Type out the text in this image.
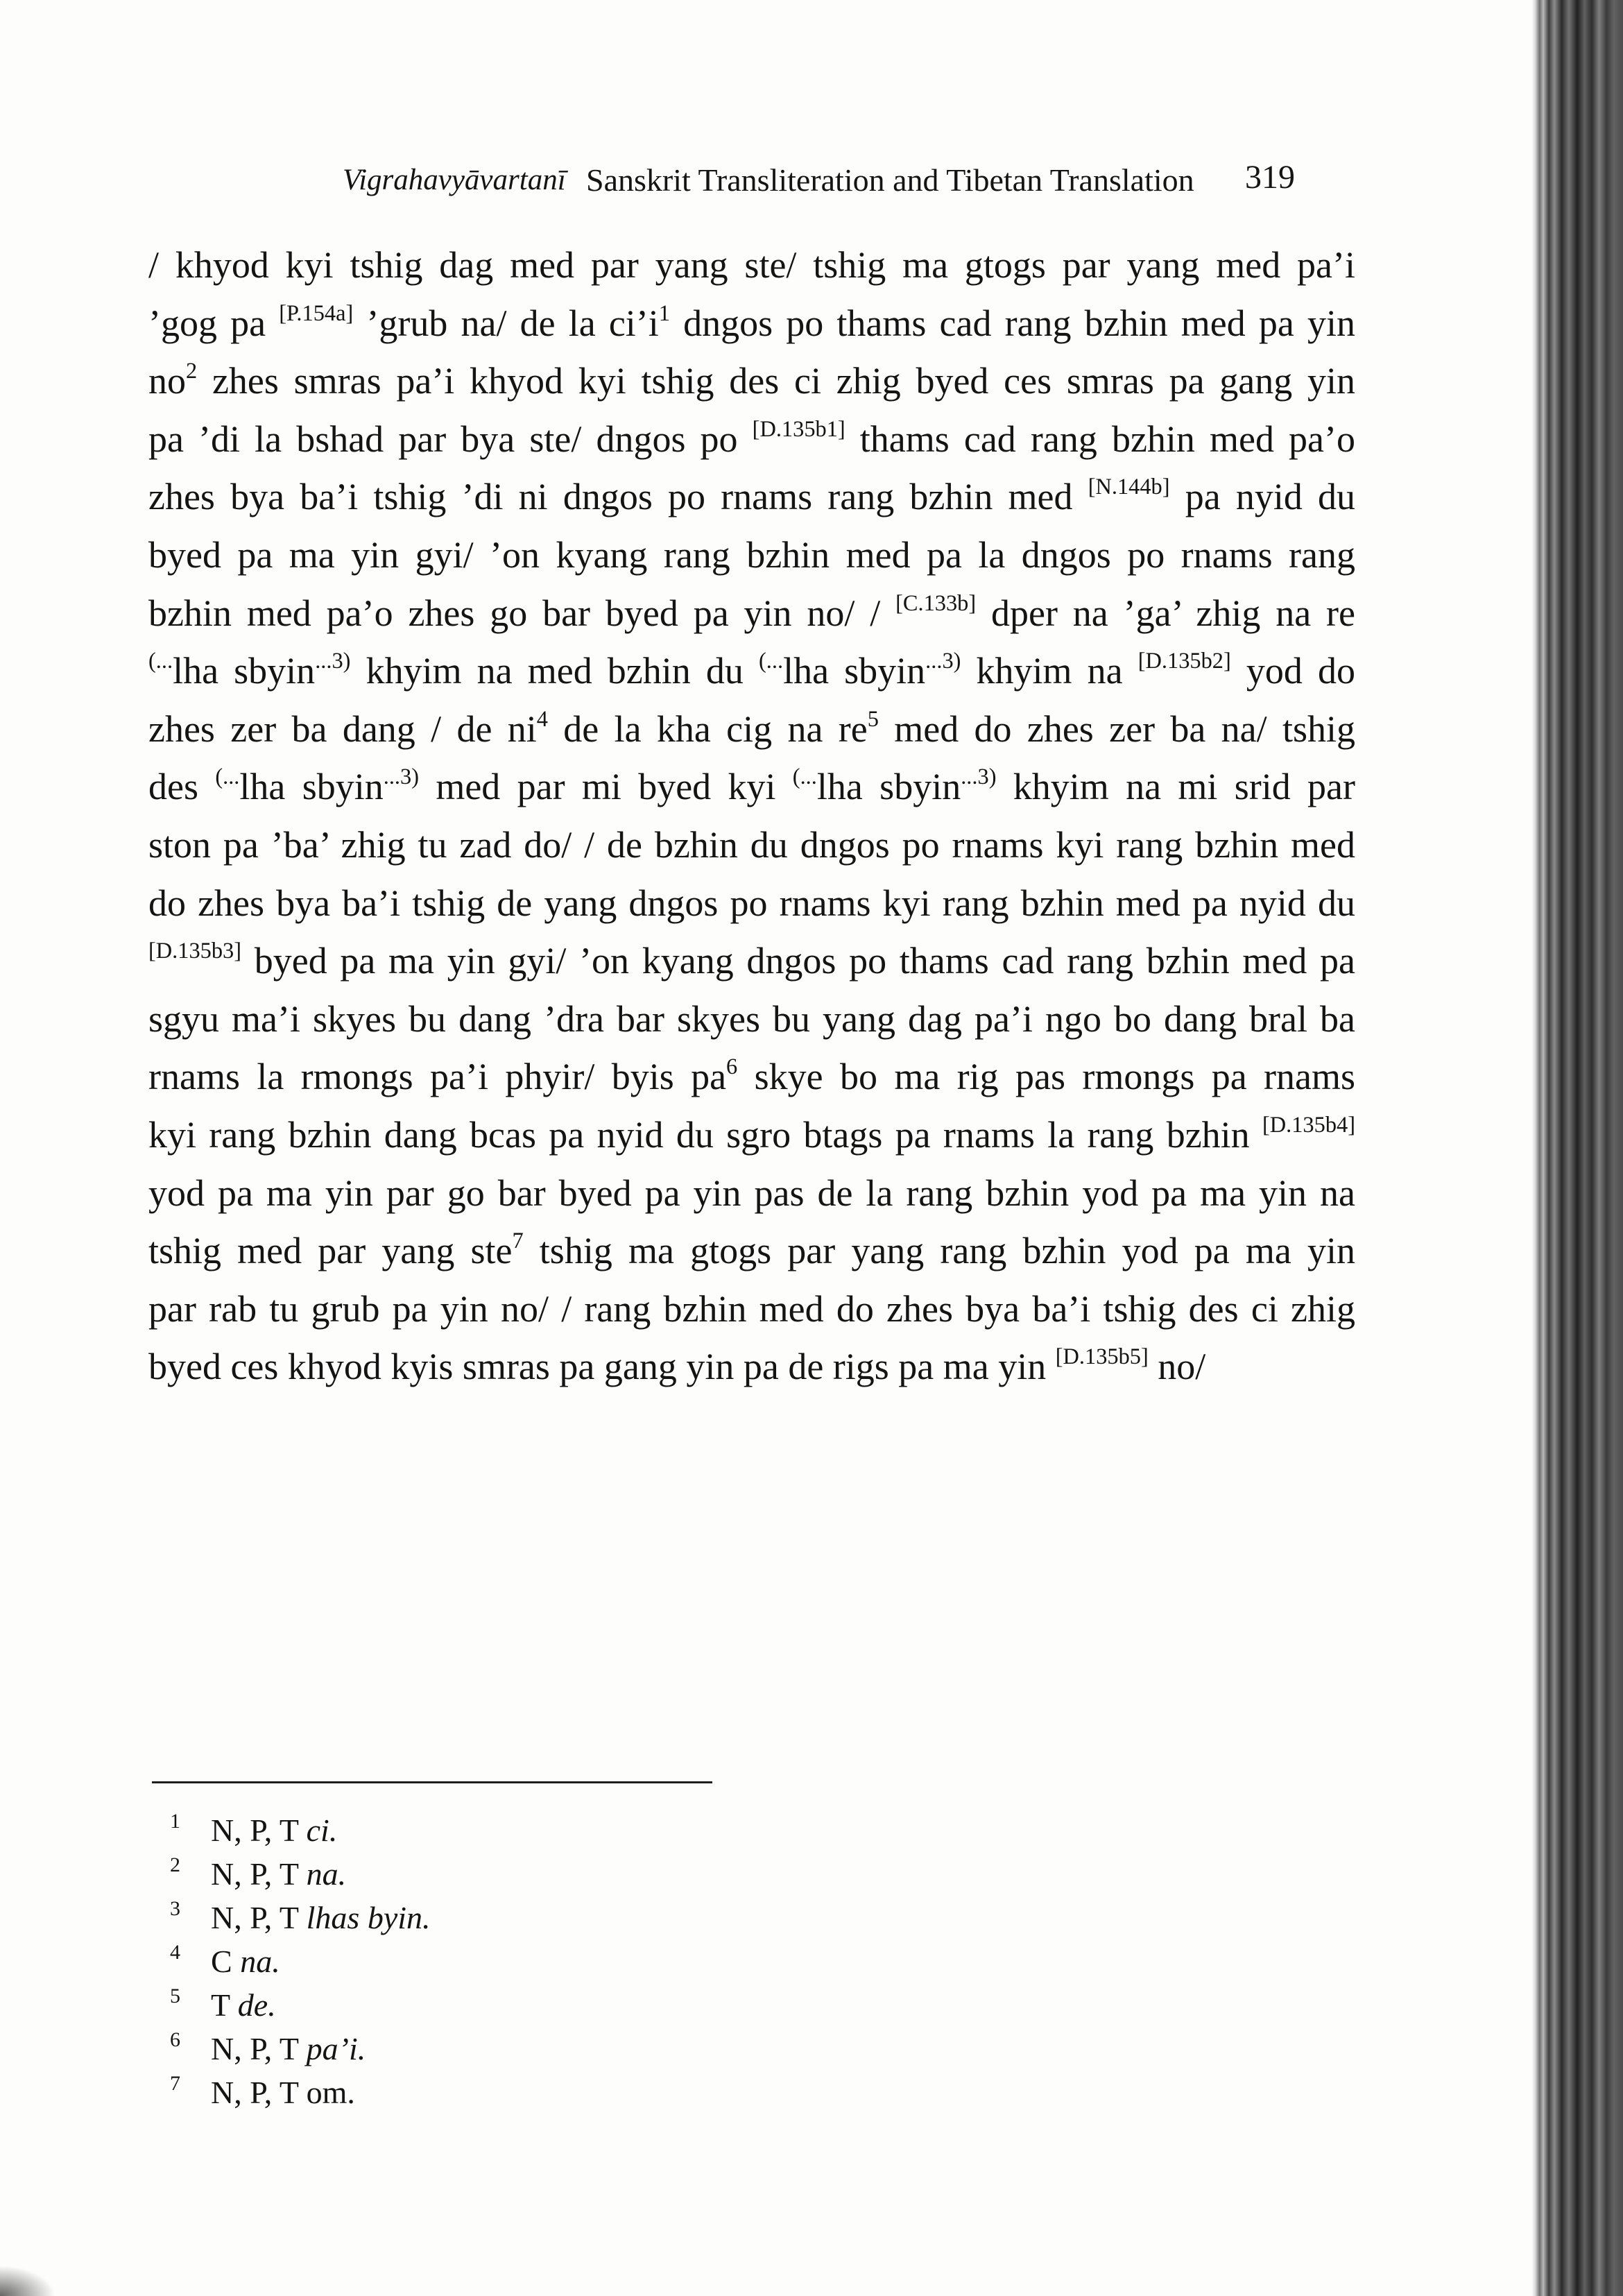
Vigrahavyāvartanī Sanskrit Transliteration and Tibetan Translation 319
/ khyod kyi tshig dag med par yang ste/ tshig ma gtogs par yang med pa’i
’gog pa [P.154a] ’grub na/ de la $ci’i^1$ dngos po thams cad rang bzhin med pa yin
$no^2$ zhes smras pa’i khyod kyi tshig des ci zhig byed ces smras pa gang yin
pa ’di la bshad par bya ste/ dngos po [D.135b1] thams cad rang bzhin med pa’o
zhes bya ba’i tshig ’di ni dngos po rnams rang bzhin med [N.144b] pa nyid du
byed pa ma yin gyi/ ’on kyang rang bzhin med pa la dngos po rnams rang
bzhin med pa’o zhes go bar byed pa yin no/ / [C.133b] dper na ’ga’ zhig na re
(...lha sbyin$^{...3)}$ khyim na med bzhin du (...lha sbyin$^{...3)}$ khyim na [D.135b2] yod do
zhes zer ba dang / de $ni^4$ de la kha cig na $re^5$ med do zhes zer ba na/ tshig
des (...lha sbyin$^{...3)}$ med par mi byed kyi (...lha sbyin$^{...3)}$ khyim na mi srid par
ston pa ’ba’ zhig tu zad do/ / de bzhin du dngos po rnams kyi rang bzhin med
do zhes bya ba’i tshig de yang dngos po rnams kyi rang bzhin med pa nyid du
[D.135b3] byed pa ma yin gyi/ ’on kyang dngos po thams cad rang bzhin med pa
sgyu ma’i skyes bu dang ’dra bar skyes bu yang dag pa’i ngo bo dang bral ba
rnams la rmongs pa’i phyir/ byis $pa^6$ skye bo ma rig pas rmongs pa rnams
kyi rang bzhin dang bcas pa nyid du sgro btags pa rnams la rang bzhin [D.135b4]
yod pa ma yin par go bar byed pa yin pas de la rang bzhin yod pa ma yin na
tshig med par yang ste$^7$ tshig ma gtogs par yang rang bzhin yod pa ma yin
par rab tu grub pa yin no/ / rang bzhin med do zhes bya ba’i tshig des ci zhig
byed ces khyod kyis smras pa gang yin pa de rigs pa ma yin [D.135b5] no/
1 N, P, T ci.
2 N, P, T na.
3 N, P, T lhas byin.
4 C na.
5 T de.
6 N, P, T pa’i.
7 N, P, T om.
